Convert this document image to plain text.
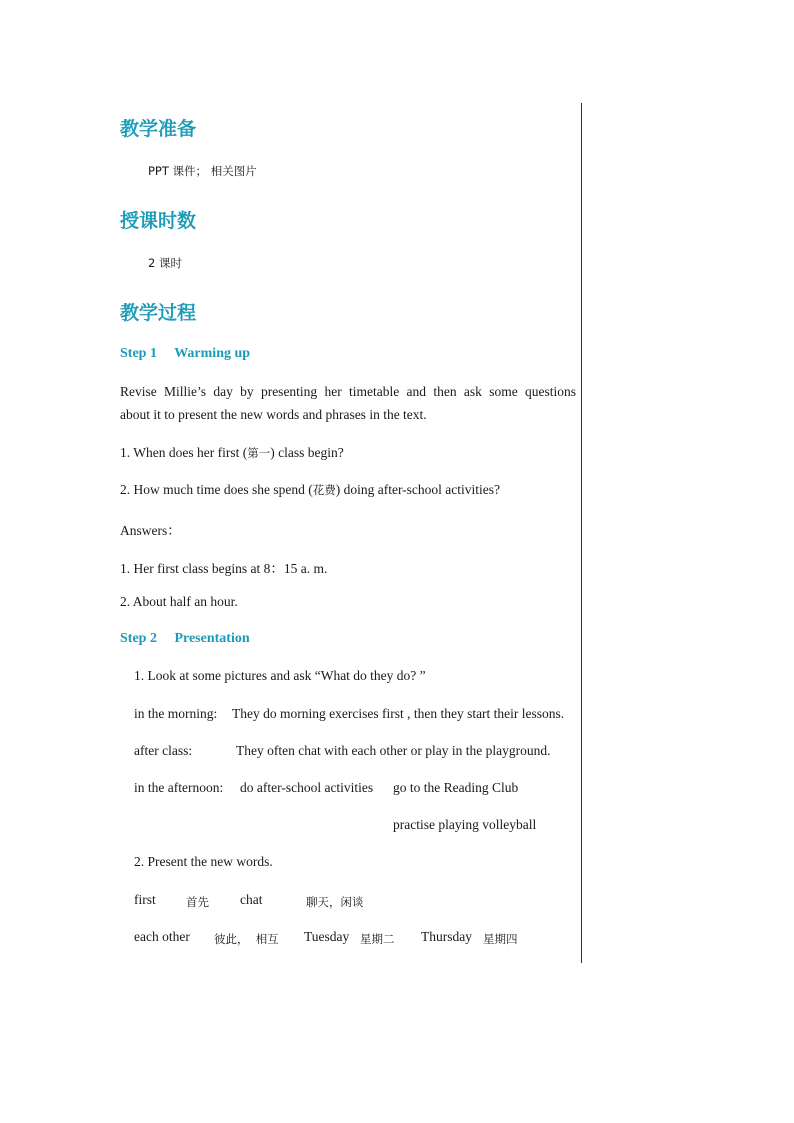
教学准备
PPT 课件； 相关图片
授课时数
2 课时
教学过程
Step 1     Warming up
Revise Millie’s day by presenting her timetable and then ask some questions
about it to present the new words and phrases in the text.
1. When does her first (第一) class begin?
2. How much time does she spend (花费) doing after-school activities?
Answers：
1. Her first class begins at 8：15 a. m.
2. About half an hour.
Step 2     Presentation
1. Look at some pictures and ask “What do they do? ”
in the morning: They do morning exercises first , then they start their lessons.
after class:	They often chat with each other or play in the playground.
in the afternoon: do after-school activities go to the Reading Club
practise playing volleyball
2. Present the new words.
first	首先 chat	聊天，闲谈
each other 彼此，  相互 Tuesday 星期二 Thursday 星期四
